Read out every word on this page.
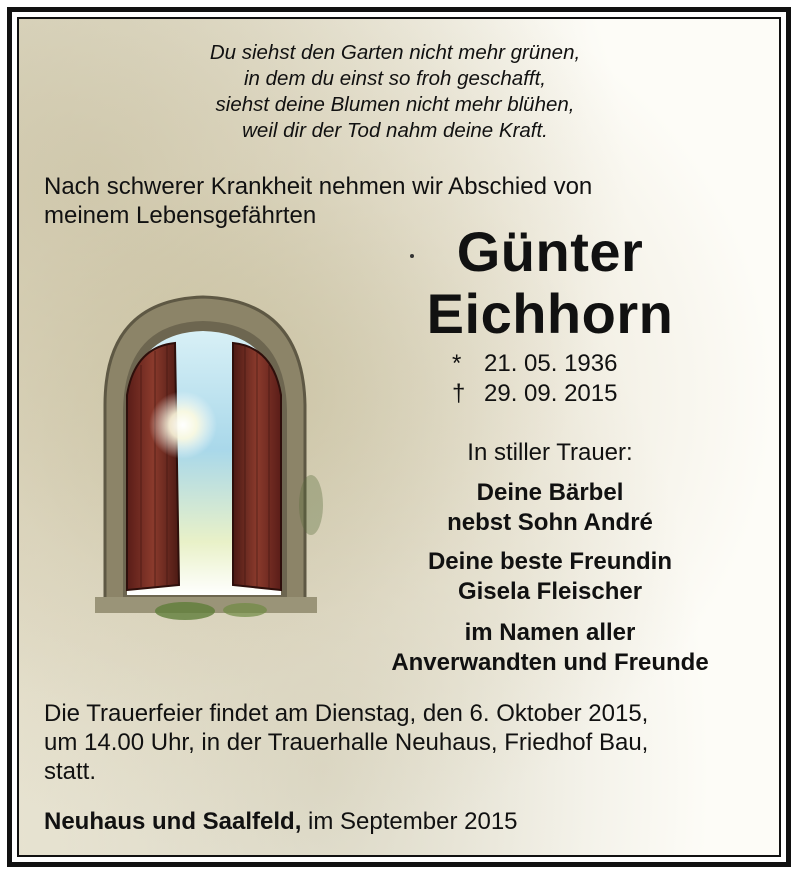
Du siehst den Garten nicht mehr grünen,
in dem du einst so froh geschafft,
siehst deine Blumen nicht mehr blühen,
weil dir der Tod nahm deine Kraft.
Nach schwerer Krankheit nehmen wir Abschied von
meinem Lebensgefährten
Günter
Eichhorn
* 21. 05. 1936
† 29. 09. 2015
In stiller Trauer:
Deine Bärbel
nebst Sohn André
Deine beste Freundin
Gisela Fleischer
im Namen aller
Anverwandten und Freunde
Die Trauerfeier findet am Dienstag, den 6. Oktober 2015,
um 14.00 Uhr, in der Trauerhalle Neuhaus, Friedhof Bau,
statt.
Neuhaus und Saalfeld, im September 2015
